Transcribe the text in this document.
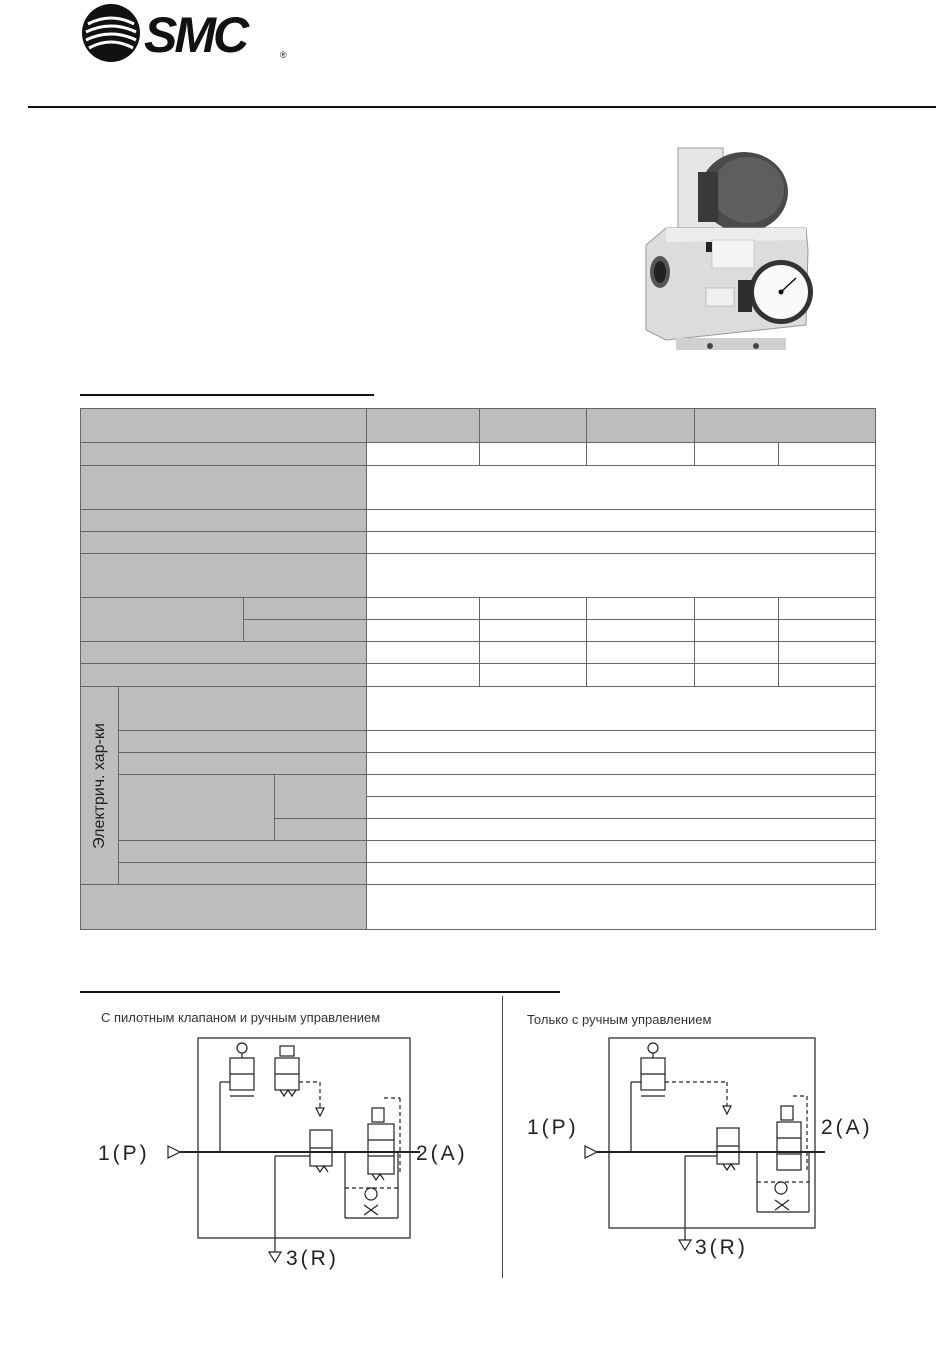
SMC	®
Электрич. хар-ки
С пилотным клапаном и ручным управлением	Только с ручным управлением
1(P)	2(A)
3(R)
1(P)	2(A)
3(R)
